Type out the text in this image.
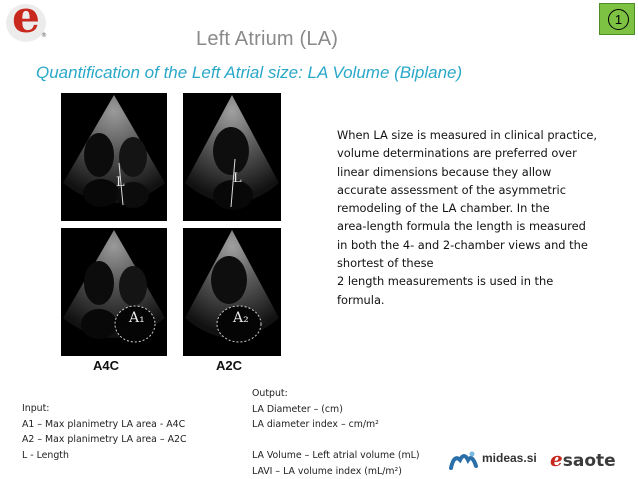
e ®
1
Left Atrium (LA)
Quantification of the Left Atrial size: LA Volume (Biplane)
L	L
A₁	A₂
A4C	A2C
When LA size is measured in clinical practice,
volume determinations are preferred over
linear dimensions because they allow
accurate assessment of the asymmetric
remodeling of the LA chamber. In the
area-length formula the length is measured
in both the 4- and 2-chamber views and the
shortest of these
2 length measurements is used in the
formula.
Input:
A1 – Max planimetry LA area - A4C
A2 – Max planimetry LA area – A2C
L - Length
Output:
LA Diameter – (cm)
LA diameter index – cm/m²
LA Volume – Left atrial volume (mL)
LAVI – LA volume index (mL/m²)
mideas.si esaote
